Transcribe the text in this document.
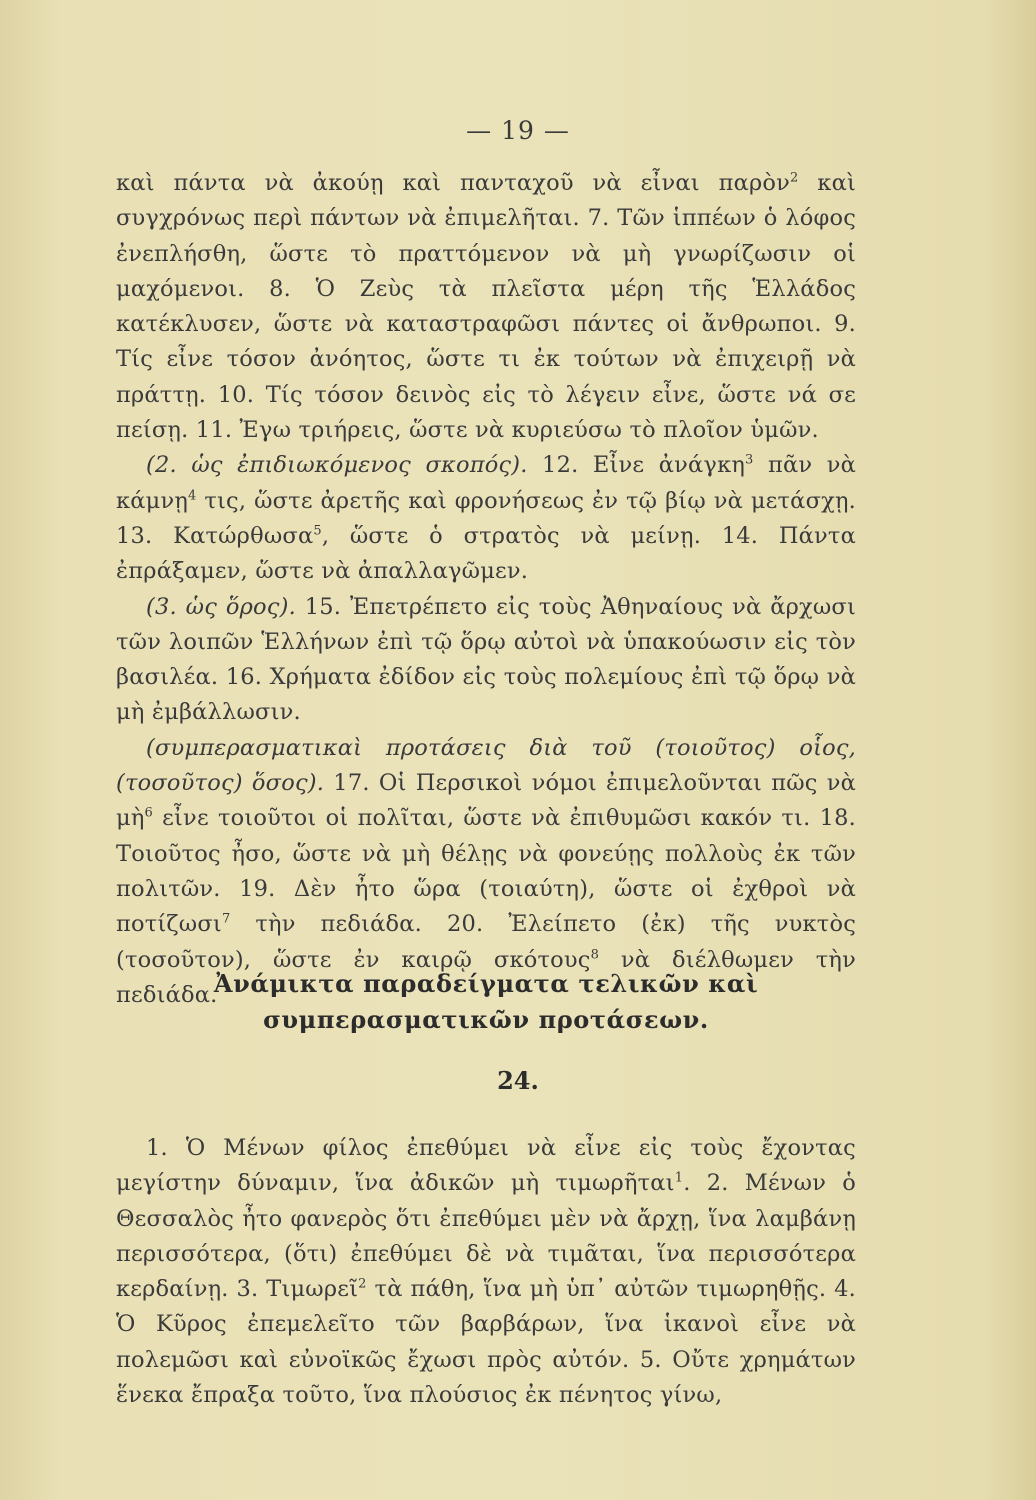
— 19 —

καὶ πάντα νὰ ἀκούῃ καὶ πανταχοῦ νὰ εἶναι παρὸν$^2$ καὶ συγχρόνως περὶ πάντων νὰ ἐπιμελῆται. 7. Τῶν ἱππέων ὁ λόφος ἐνεπλήσθη, ὥστε τὸ πραττόμενον νὰ μὴ γνωρίζωσιν οἱ μαχόμενοι. 8. Ὁ Ζεὺς τὰ πλεῖστα μέρη τῆς Ἑλλάδος κατέκλυσεν, ὥστε νὰ καταστραφῶσι πάντες οἱ ἄνθρωποι. 9. Τίς εἶνε τόσον ἀνόητος, ὥστε τι ἐκ τούτων νὰ ἐπιχειρῇ νὰ πράττῃ. 10. Τίς τόσον δεινὸς εἰς τὸ λέγειν εἶνε, ὥστε νά σε πείσῃ. 11. Ἐγω τριήρεις, ὥστε νὰ κυριεύσω τὸ πλοῖον ὑμῶν.

(2. ὡς ἐπιδιωκόμενος σκοπός). 12. Εἶνε ἀνάγκη$^3$ πᾶν νὰ κάμνῃ$^4$ τις, ὥστε ἀρετῆς καὶ φρονήσεως ἐν τῷ βίῳ νὰ μετάσχῃ. 13. Κατώρθωσα$^5$, ὥστε ὁ στρατὸς νὰ μείνῃ. 14. Πάντα ἐπράξαμεν, ὥστε νὰ ἀπαλλαγῶμεν.

(3. ὡς ὅρος). 15. Ἐπετρέπετο εἰς τοὺς Ἀθηναίους νὰ ἄρχωσι τῶν λοιπῶν Ἑλλήνων ἐπὶ τῷ ὅρῳ αὐτοὶ νὰ ὑπακούωσιν εἰς τὸν βασιλέα. 16. Χρήματα ἐδίδον εἰς τοὺς πολεμίους ἐπὶ τῷ ὅρῳ νὰ μὴ ἐμβάλλωσιν.

(συμπερασματικαὶ προτάσεις διὰ τοῦ (τοιοῦτος) οἷος, (τοσοῦτος) ὅσος). 17. Οἱ Περσικοὶ νόμοι ἐπιμελοῦνται πῶς νὰ μὴ$^6$ εἶνε τοιοῦτοι οἱ πολῖται, ὥστε νὰ ἐπιθυμῶσι κακόν τι. 18. Τοιοῦτος ἦσο, ὥστε νὰ μὴ θέλῃς νὰ φονεύῃς πολλοὺς ἐκ τῶν πολιτῶν. 19. Δὲν ἦτο ὥρα (τοιαύτη), ὥστε οἱ ἐχθροὶ νὰ ποτίζωσι$^7$ τὴν πεδιάδα. 20. Ἐλείπετο (ἐκ) τῆς νυκτὸς (τοσοῦτον), ὥστε ἐν καιρῷ σκότους$^8$ νὰ διέλθωμεν τὴν πεδιάδα.

Ἀνάμικτα παραδείγματα τελικῶν καὶ συμπερασματικῶν προτάσεων.
24.

1. Ὁ Μένων φίλος ἐπεθύμει νὰ εἶνε εἰς τοὺς ἔχοντας μεγίστην δύναμιν, ἵνα ἀδικῶν μὴ τιμωρῆται$^1$. 2. Μένων ὁ Θεσσαλὸς ἦτο φανερὸς ὅτι ἐπεθύμει μὲν νὰ ἄρχῃ, ἵνα λαμβάνῃ περισσότερα, (ὅτι) ἐπεθύμει δὲ νὰ τιμᾶται, ἵνα περισσότερα κερδαίνῃ. 3. Τιμωρεῖ$^2$ τὰ πάθη, ἵνα μὴ ὑπ᾽ αὐτῶν τιμωρηθῇς. 4. Ὁ Κῦρος ἐπεμελεῖτο τῶν βαρβάρων, ἵνα ἱκανοὶ εἶνε νὰ πολεμῶσι καὶ εὐνοϊκῶς ἔχωσι πρὸς αὐτόν. 5. Οὔτε χρημάτων ἕνεκα ἔπραξα τοῦτο, ἵνα πλούσιος ἐκ πένητος γίνω,
